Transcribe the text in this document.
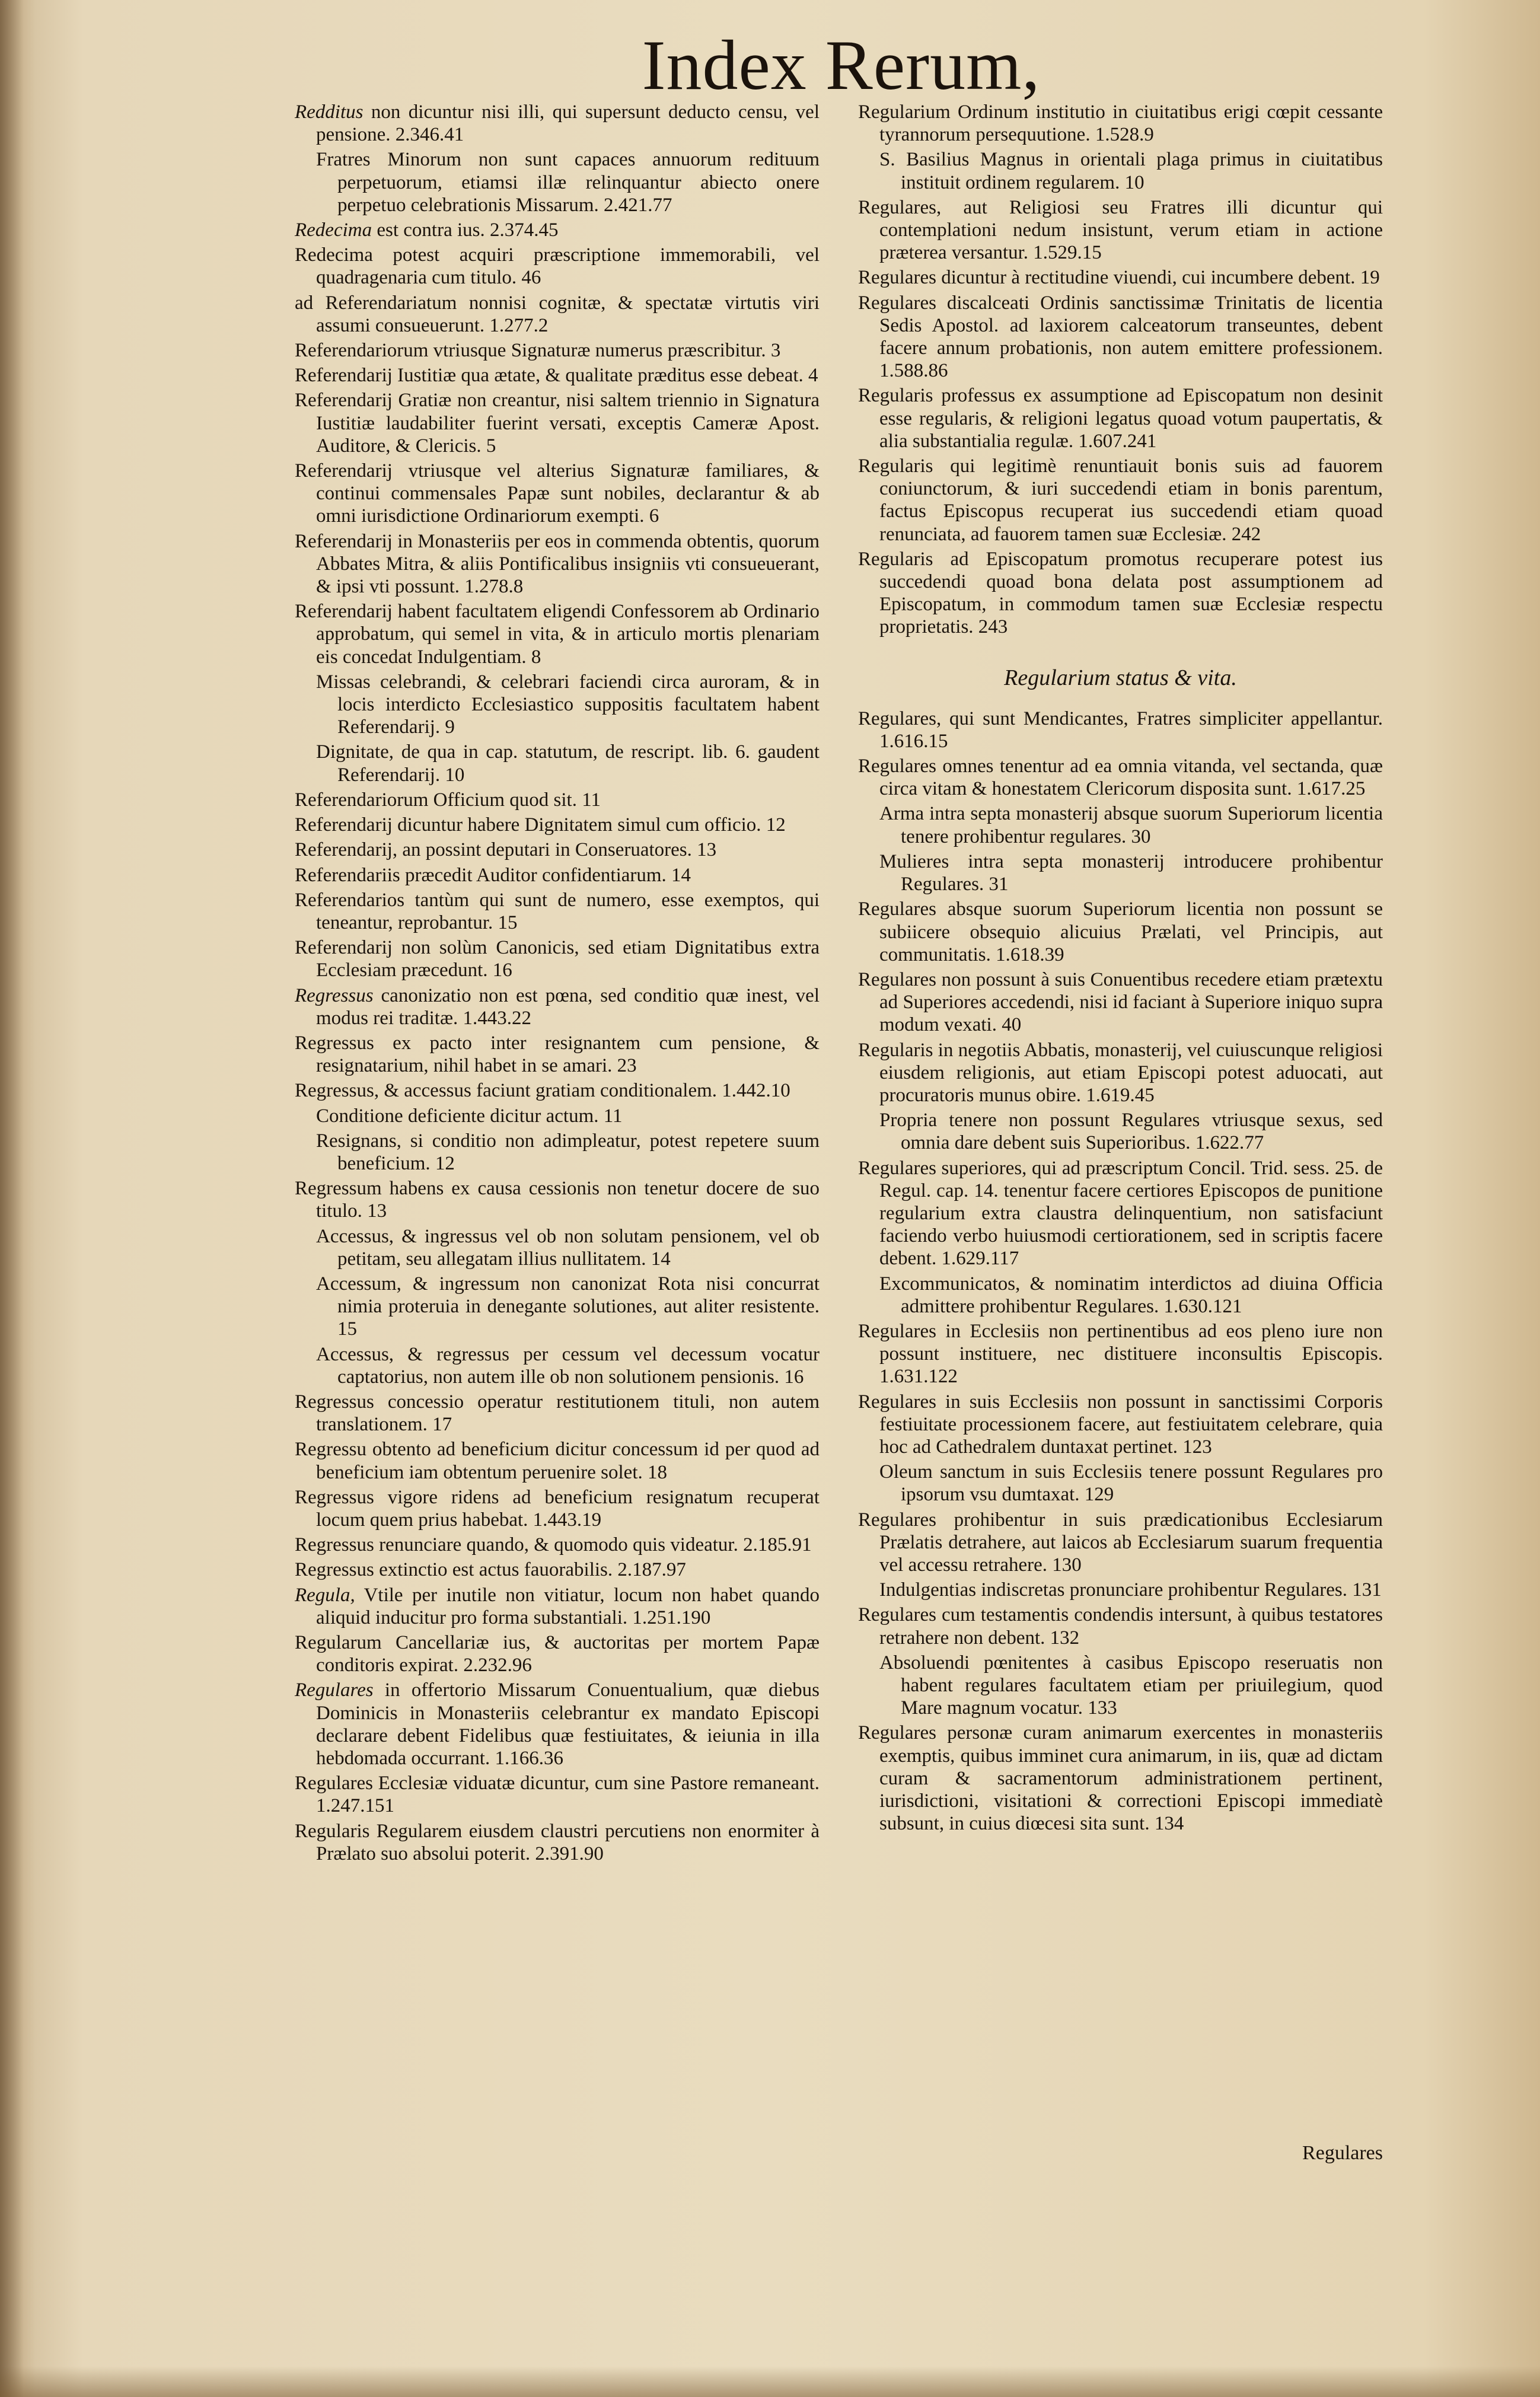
Index Rerum,
Redditus non dicuntur nisi illi, qui supersunt deducto censu, vel pensione. 2.346.41
Fratres Minorum non sunt capaces annuorum redituum perpetuorum, etiamsi illæ relinquantur abiecto onere perpetuo celebrationis Missarum. 2.421.77
Redecima est contra ius. 2.374.45
Redecima potest acquiri præscriptione immemorabili, vel quadragenaria cum titulo. 46
ad Referendariatum nonnisi cognitæ, & spectatæ virtutis viri assumi consueuerunt. 1.277.2
Referendariorum vtriusque Signaturæ numerus præscribitur. 3
Referendarij Iustitiæ qua ætate, & qualitate præditus esse debeat. 4
Referendarij Gratiæ non creantur, nisi saltem triennio in Signatura Iustitiæ laudabiliter fuerint versati, exceptis Cameræ Apost. Auditore, & Clericis. 5
Referendarij vtriusque vel alterius Signaturæ familiares, & continui commensales Papæ sunt nobiles, declarantur & ab omni iurisdictione Ordinariorum exempti. 6
Referendarij in Monasteriis per eos in commenda obtentis, quorum Abbates Mitra, & aliis Pontificalibus insigniis vti consueuerant, & ipsi vti possunt. 1.278.8
Referendarij habent facultatem eligendi Confessorem ab Ordinario approbatum, qui semel in vita, & in articulo mortis plenariam eis concedat Indulgentiam. 8
Missas celebrandi, & celebrari faciendi circa auroram, & in locis interdicto Ecclesiastico suppositis facultatem habent Referendarij. 9
Dignitate, de qua in cap. statutum, de rescript. lib. 6. gaudent Referendarij. 10
Referendariorum Officium quod sit. 11
Referendarij dicuntur habere Dignitatem simul cum officio. 12
Referendarij, an possint deputari in Conseruatores. 13
Referendariis præcedit Auditor confidentiarum. 14
Referendarios tantùm qui sunt de numero, esse exemptos, qui teneantur, reprobantur. 15
Referendarij non solùm Canonicis, sed etiam Dignitatibus extra Ecclesiam præcedunt. 16
Regressus canonizatio non est pœna, sed conditio quæ inest, vel modus rei traditæ. 1.443.22
Regressus ex pacto inter resignantem cum pensione, & resignatarium, nihil habet in se amari. 23
Regressus, & accessus faciunt gratiam conditionalem. 1.442.10
Conditione deficiente dicitur actum. 11
Resignans, si conditio non adimpleatur, potest repetere suum beneficium. 12
Regressum habens ex causa cessionis non tenetur docere de suo titulo. 13
Accessus, & ingressus vel ob non solutam pensionem, vel ob petitam, seu allegatam illius nullitatem. 14
Accessum, & ingressum non canonizat Rota nisi concurrat nimia proteruia in denegante solutiones, aut aliter resistente. 15
Accessus, & regressus per cessum vel decessum vocatur captatorius, non autem ille ob non solutionem pensionis. 16
Regressus concessio operatur restitutionem tituli, non autem translationem. 17
Regressu obtento ad beneficium dicitur concessum id per quod ad beneficium iam obtentum peruenire solet. 18
Regressus vigore ridens ad beneficium resignatum recuperat locum quem prius habebat. 1.443.19
Regressus renunciare quando, & quomodo quis videatur. 2.185.91
Regressus extinctio est actus fauorabilis. 2.187.97
Regula, Vtile per inutile non vitiatur, locum non habet quando aliquid inducitur pro forma substantiali. 1.251.190
Regularum Cancellariæ ius, & auctoritas per mortem Papæ conditoris expirat. 2.232.96
Regulares in offertorio Missarum Conuentualium, quæ diebus Dominicis in Monasteriis celebrantur ex mandato Episcopi declarare debent Fidelibus quæ festiuitates, & ieiunia in illa hebdomada occurrant. 1.166.36
Regulares Ecclesiæ viduatæ dicuntur, cum sine Pastore remaneant. 1.247.151
Regularis Regularem eiusdem claustri percutiens non enormiter à Prælato suo absolui poterit. 2.391.90
Regularium Ordinum institutio in ciuitatibus erigi cœpit cessante tyrannorum persequutione. 1.528.9
S. Basilius Magnus in orientali plaga primus in ciuitatibus instituit ordinem regularem. 10
Regulares, aut Religiosi seu Fratres illi dicuntur qui contemplationi nedum insistunt, verum etiam in actione præterea versantur. 1.529.15
Regulares dicuntur à rectitudine viuendi, cui incumbere debent. 19
Regulares discalceati Ordinis sanctissimæ Trinitatis de licentia Sedis Apostol. ad laxiorem calceatorum transeuntes, debent facere annum probationis, non autem emittere professionem. 1.588.86
Regularis professus ex assumptione ad Episcopatum non desinit esse regularis, & religioni legatus quoad votum paupertatis, & alia substantialia regulæ. 1.607.241
Regularis qui legitimè renuntiauit bonis suis ad fauorem coniunctorum, & iuri succedendi etiam in bonis parentum, factus Episcopus recuperat ius succedendi etiam quoad renunciata, ad fauorem tamen suæ Ecclesiæ. 242
Regularis ad Episcopatum promotus recuperare potest ius succedendi quoad bona delata post assumptionem ad Episcopatum, in commodum tamen suæ Ecclesiæ respectu proprietatis. 243
Regularium status & vita.
Regulares, qui sunt Mendicantes, Fratres simpliciter appellantur. 1.616.15
Regulares omnes tenentur ad ea omnia vitanda, vel sectanda, quæ circa vitam & honestatem Clericorum disposita sunt. 1.617.25
Arma intra septa monasterij absque suorum Superiorum licentia tenere prohibentur regulares. 30
Mulieres intra septa monasterij introducere prohibentur Regulares. 31
Regulares absque suorum Superiorum licentia non possunt se subiicere obsequio alicuius Prælati, vel Principis, aut communitatis. 1.618.39
Regulares non possunt à suis Conuentibus recedere etiam prætextu ad Superiores accedendi, nisi id faciant à Superiore iniquo supra modum vexati. 40
Regularis in negotiis Abbatis, monasterij, vel cuiuscunque religiosi eiusdem religionis, aut etiam Episcopi potest aduocati, aut procuratoris munus obire. 1.619.45
Propria tenere non possunt Regulares vtriusque sexus, sed omnia dare debent suis Superioribus. 1.622.77
Regulares superiores, qui ad præscriptum Concil. Trid. sess. 25. de Regul. cap. 14. tenentur facere certiores Episcopos de punitione regularium extra claustra delinquentium, non satisfaciunt faciendo verbo huiusmodi certiorationem, sed in scriptis facere debent. 1.629.117
Excommunicatos, & nominatim interdictos ad diuina Officia admittere prohibentur Regulares. 1.630.121
Regulares in Ecclesiis non pertinentibus ad eos pleno iure non possunt instituere, nec distituere inconsultis Episcopis. 1.631.122
Regulares in suis Ecclesiis non possunt in sanctissimi Corporis festiuitate processionem facere, aut festiuitatem celebrare, quia hoc ad Cathedralem duntaxat pertinet. 123
Oleum sanctum in suis Ecclesiis tenere possunt Regulares pro ipsorum vsu dumtaxat. 129
Regulares prohibentur in suis prædicationibus Ecclesiarum Prælatis detrahere, aut laicos ab Ecclesiarum suarum frequentia vel accessu retrahere. 130
Indulgentias indiscretas pronunciare prohibentur Regulares. 131
Regulares cum testamentis condendis intersunt, à quibus testatores retrahere non debent. 132
Absoluendi pœnitentes à casibus Episcopo reseruatis non habent regulares facultatem etiam per priuilegium, quod Mare magnum vocatur. 133
Regulares personæ curam animarum exercentes in monasteriis exemptis, quibus imminet cura animarum, in iis, quæ ad dictam curam & sacramentorum administrationem pertinent, iurisdictioni, visitationi & correctioni Episcopi immediatè subsunt, in cuius diœcesi sita sunt. 134
Regulares
